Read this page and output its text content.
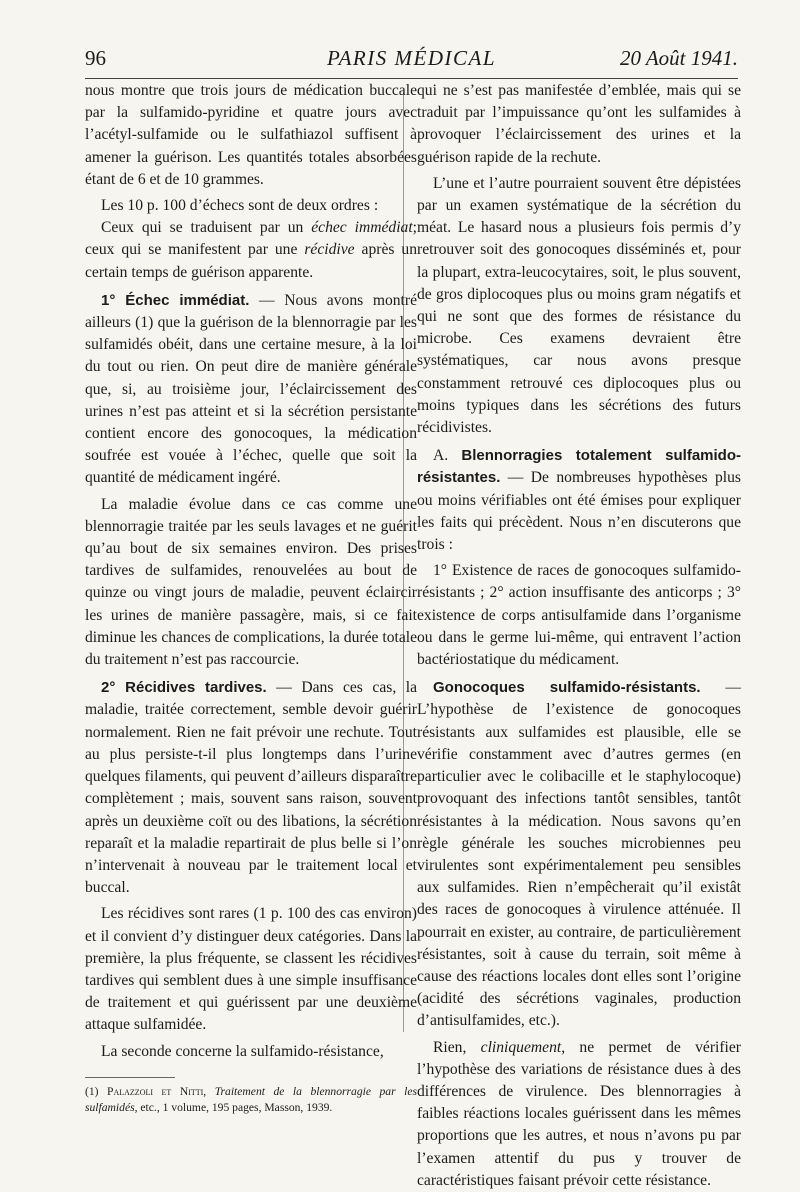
96	PARIS MÉDICAL	20 Août 1941.

nous montre que trois jours de médication buccale par la sulfamido-pyridine et quatre jours avec l’acétyl-sulfamide ou le sulfathiazol suffisent à amener la guérison. Les quantités totales absorbées étant de 6 et de 10 grammes.

Les 10 p. 100 d’échecs sont de deux ordres :

Ceux qui se traduisent par un échec immédiat; ceux qui se manifestent par une récidive après un certain temps de guérison apparente.

1° Échec immédiat. — Nous avons montré ailleurs (1) que la guérison de la blennorragie par les sulfamidés obéit, dans une certaine mesure, à la loi du tout ou rien. On peut dire de manière générale que, si, au troisième jour, l’éclaircissement des urines n’est pas atteint et si la sécrétion persistante contient encore des gonocoques, la médication soufrée est vouée à l’échec, quelle que soit la quantité de médicament ingéré.

La maladie évolue dans ce cas comme une blennorragie traitée par les seuls lavages et ne guérit qu’au bout de six semaines environ. Des prises tardives de sulfamides, renouvelées au bout de quinze ou vingt jours de maladie, peuvent éclaircir les urines de manière passagère, mais, si ce fait diminue les chances de complications, la durée totale du traitement n’est pas raccourcie.

2° Récidives tardives. — Dans ces cas, la maladie, traitée correctement, semble devoir guérir normalement. Rien ne fait prévoir une rechute. Tout au plus persiste-t-il plus longtemps dans l’urine quelques filaments, qui peuvent d’ailleurs disparaître complètement ; mais, souvent sans raison, souvent après un deuxième coït ou des libations, la sécrétion reparaît et la maladie repartirait de plus belle si l’on n’intervenait à nouveau par le traitement local et buccal.

Les récidives sont rares (1 p. 100 des cas environ) et il convient d’y distinguer deux catégories. Dans la première, la plus fréquente, se classent les récidives tardives qui semblent dues à une simple insuffisance de traitement et qui guérissent par une deuxième attaque sulfamidée.

La seconde concerne la sulfamido-résistance,

(1) Palazzoli et Nitti, Traitement de la blennorragie par les sulfamidés, etc., 1 volume, 195 pages, Masson, 1939.

qui ne s’est pas manifestée d’emblée, mais qui se traduit par l’impuissance qu’ont les sulfamides à provoquer l’éclaircissement des urines et la guérison rapide de la rechute.

L’une et l’autre pourraient souvent être dépistées par un examen systématique de la sécrétion du méat. Le hasard nous a plusieurs fois permis d’y retrouver soit des gonocoques disséminés et, pour la plupart, extra-leucocytaires, soit, le plus souvent, de gros diplocoques plus ou moins gram négatifs et qui ne sont que des formes de résistance du microbe. Ces examens devraient être systématiques, car nous avons presque constamment retrouvé ces diplocoques plus ou moins typiques dans les sécrétions des futurs récidivistes.

A. Blennorragies totalement sulfamido-résistantes. — De nombreuses hypothèses plus ou moins vérifiables ont été émises pour expliquer les faits qui précèdent. Nous n’en discuterons que trois :

1° Existence de races de gonocoques sulfamido-résistants ; 2° action insuffisante des anticorps ; 3° existence de corps antisulfamide dans l’organisme ou dans le germe lui-même, qui entravent l’action bactériostatique du médicament.

Gonocoques sulfamido-résistants. — L’hypothèse de l’existence de gonocoques résistants aux sulfamides est plausible, elle se vérifie constamment avec d’autres germes (en particulier avec le colibacille et le staphylocoque) provoquant des infections tantôt sensibles, tantôt résistantes à la médication. Nous savons qu’en règle générale les souches microbiennes peu virulentes sont expérimentalement peu sensibles aux sulfamides. Rien n’empêcherait qu’il existât des races de gonocoques à virulence atténuée. Il pourrait en exister, au contraire, de particulièrement résistantes, soit à cause du terrain, soit même à cause des réactions locales dont elles sont l’origine (acidité des sécrétions vaginales, production d’antisulfamides, etc.).

Rien, cliniquement, ne permet de vérifier l’hypothèse des variations de résistance dues à des différences de virulence. Des blennorragies à faibles réactions locales guérissent dans les mêmes proportions que les autres, et nous n’avons pu par l’examen attentif du pus y trouver de caractéristiques faisant prévoir cette résistance.
